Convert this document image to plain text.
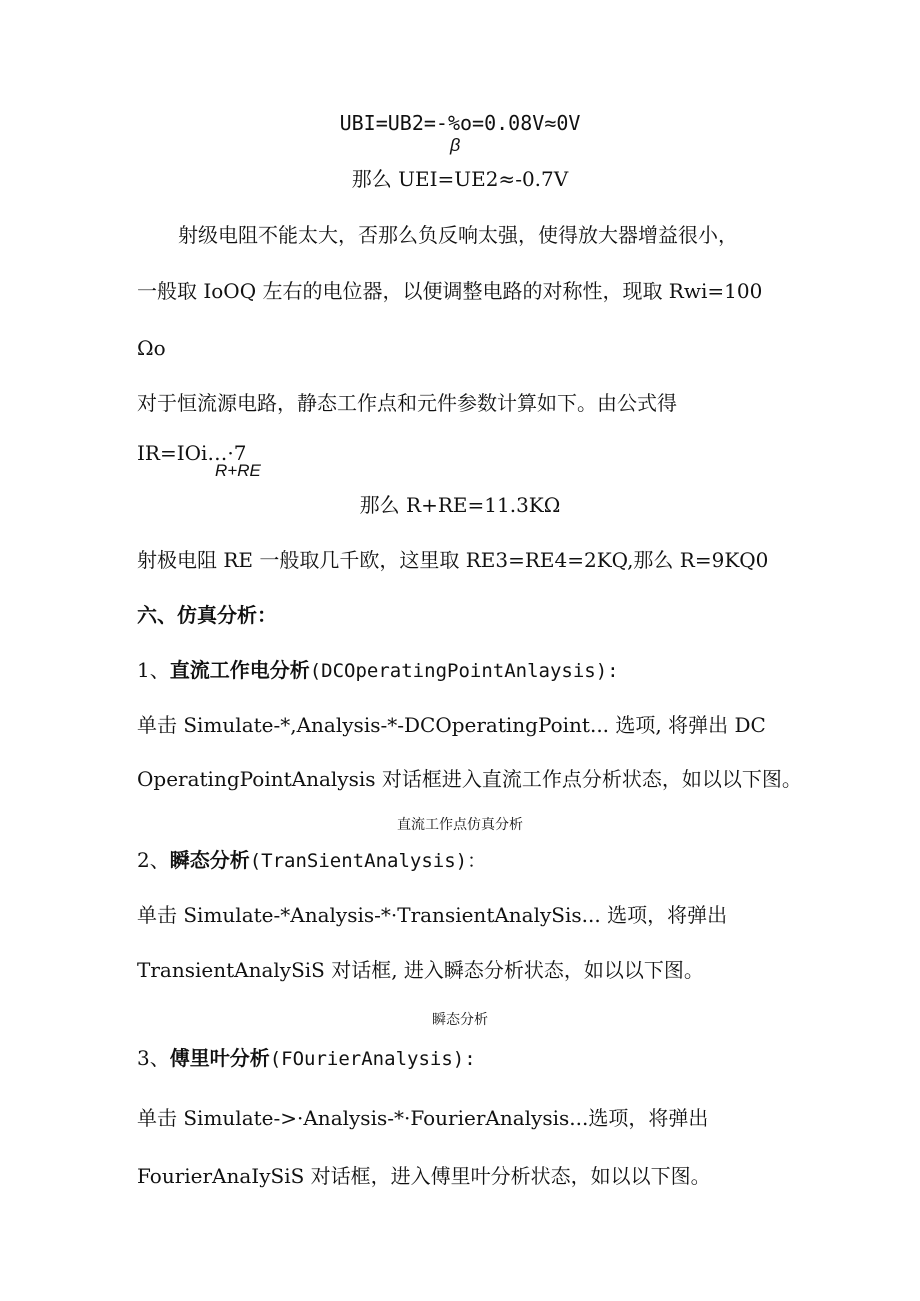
UBI=UB2=-%o=0.08V≈0V
β
那么 UEI=UE2≈-0.7V
射级电阻不能太大，否那么负反响太强，使得放大器增益很小，
一般取 IoOQ 左右的电位器，以便调整电路的对称性，现取 Rwi=100
Ωo
对于恒流源电路，静态工作点和元件参数计算如下。由公式得
IR=IOi…·7
R+RE
那么 R+RE=11.3KΩ
射极电阻 RE 一般取几千欧，这里取 RE3=RE4=2KQ,那么 R=9KQ0
六、仿真分析：
1、直流工作电分析(DCOperatingPointAnlaysis):
单击 Simulate-*,Analysis-*-DCOperatingPoint... 选项, 将弹出 DC
OperatingPointAnalysis 对话框进入直流工作点分析状态，如以以下图。
直流工作点仿真分析
2、瞬态分析(TranSientAnalysis)：
单击 Simulate-*Analysis-*·TransientAnalySis... 选项，将弹出
TransientAnalySiS 对话框, 进入瞬态分析状态，如以以下图。
瞬态分析
3、傅里叶分析(FOurierAnalysis):
单击 Simulate->·Analysis-*·FourierAnalysis...选项，将弹出
FourierAnaIySiS 对话框，进入傅里叶分析状态，如以以下图。
